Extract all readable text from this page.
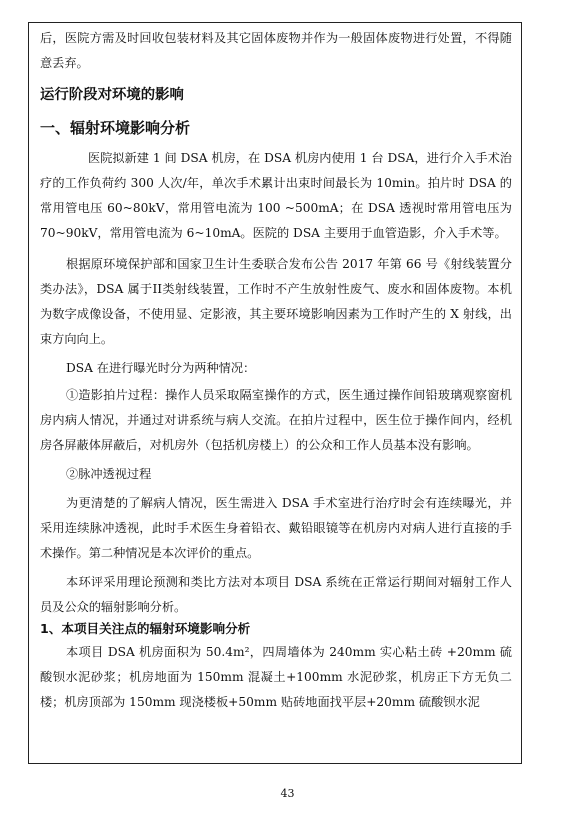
后，医院方需及时回收包装材料及其它固体废物并作为一般固体废物进行处置，不得随意丢弃。

运行阶段对环境的影响
一、辐射环境影响分析

医院拟新建 1 间 DSA 机房，在 DSA 机房内使用 1 台 DSA，进行介入手术治疗的工作负荷约 300 人次/年，单次手术累计出束时间最长为 10min。拍片时 DSA 的常用管电压 60~80kV，常用管电流为 100 ~500mA；在 DSA 透视时常用管电压为 70~90kV，常用管电流为 6~10mA。医院的 DSA 主要用于血管造影，介入手术等。

根据原环境保护部和国家卫生计生委联合发布公告 2017 年第 66 号《射线装置分类办法》，DSA 属于II类射线装置，工作时不产生放射性废气、废水和固体废物。本机为数字成像设备，不使用显、定影液，其主要环境影响因素为工作时产生的 X 射线，出束方向向上。

DSA 在进行曝光时分为两种情况：

①造影拍片过程：操作人员采取隔室操作的方式，医生通过操作间铅玻璃观察窗机房内病人情况，并通过对讲系统与病人交流。在拍片过程中，医生位于操作间内，经机房各屏蔽体屏蔽后，对机房外（包括机房楼上）的公众和工作人员基本没有影响。

②脉冲透视过程

为更清楚的了解病人情况，医生需进入 DSA 手术室进行治疗时会有连续曝光，并采用连续脉冲透视，此时手术医生身着铅衣、戴铅眼镜等在机房内对病人进行直接的手术操作。第二种情况是本次评价的重点。

本环评采用理论预测和类比方法对本项目 DSA 系统在正常运行期间对辐射工作人员及公众的辐射影响分析。

1、本项目关注点的辐射环境影响分析

本项目 DSA 机房面积为 50.4m²，四周墙体为 240mm 实心粘土砖 +20mm 硫酸钡水泥砂浆；机房地面为 150mm 混凝土+100mm 水泥砂浆，机房正下方无负二楼；机房顶部为 150mm 现浇楼板+50mm 贴砖地面找平层+20mm 硫酸钡水泥

43
